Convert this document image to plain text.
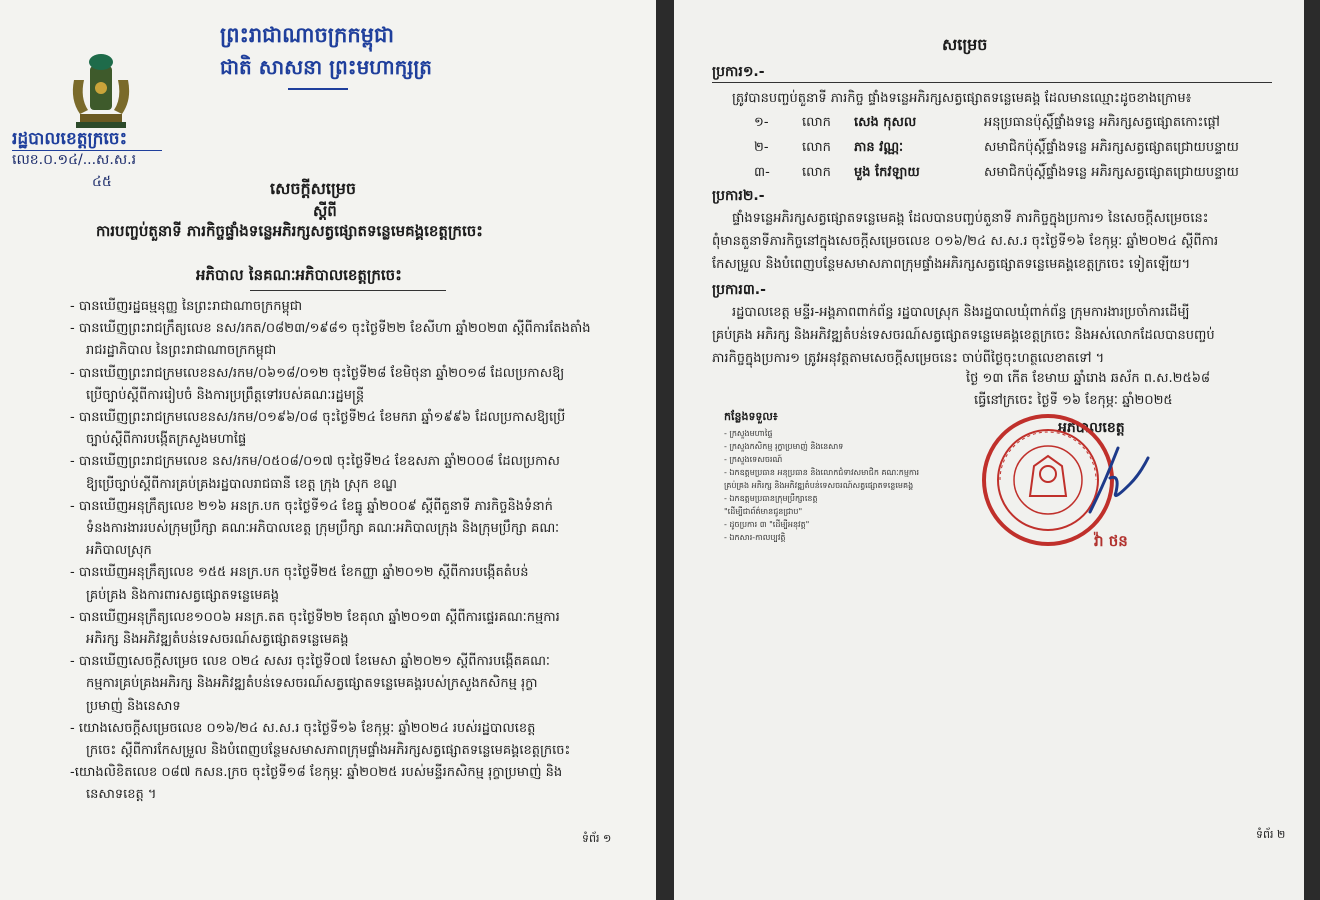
ព្រះរាជាណាចក្រកម្ពុជា
ជាតិ សាសនា ព្រះមហាក្សត្រ
រដ្ឋបាលខេត្តក្រចេះ
លេខ.០.១៤/...ស.ស.រ
៤៥	សេចក្ដីសម្រេច
ស្ដីពី
ការបញ្ចប់តួនាទី ភារកិច្ចផ្ទាំងទន្លេអភិរក្សសត្វផ្សោតទន្លេមេគង្គខេត្តក្រចេះ
អភិបាល នៃគណៈអភិបាលខេត្តក្រចេះ
- បានឃើញរដ្ឋធម្មនុញ្ញ នៃព្រះរាជាណាចក្រកម្ពុជា
- បានឃើញព្រះរាជក្រឹត្យលេខ នស/រកត/០៨២៣/១៩៨១ ចុះថ្ងៃទី២២ ខែសីហា ឆ្នាំ២០២៣ ស្ដីពីការតែងតាំង
រាជរដ្ឋាភិបាល នៃព្រះរាជាណាចក្រកម្ពុជា
- បានឃើញព្រះរាជក្រមលេខនស/រកម/០៦១៨/០១២ ចុះថ្ងៃទី២៨ ខែមិថុនា ឆ្នាំ២០១៨ ដែលប្រកាសឱ្យ
ប្រើច្បាប់ស្ដីពីការរៀបចំ និងការប្រព្រឹត្តទៅរបស់គណៈរដ្ឋមន្ត្រី
- បានឃើញព្រះរាជក្រមលេខនស/រកម/០១៩៦/០៨ ចុះថ្ងៃទី២៤ ខែមករា ឆ្នាំ១៩៩៦ ដែលប្រកាសឱ្យប្រើ
ច្បាប់ស្ដីពីការបង្កើតក្រសួងមហាផ្ទៃ
- បានឃើញព្រះរាជក្រមលេខ នស/រកម/០៥០៨/០១៧ ចុះថ្ងៃទី២៤ ខែឧសភា ឆ្នាំ២០០៨ ដែលប្រកាស
ឱ្យប្រើច្បាប់ស្ដីពីការគ្រប់គ្រងរដ្ឋបាលរាជធានី ខេត្ត ក្រុង ស្រុក ខណ្ឌ
- បានឃើញអនុក្រឹត្យលេខ ២១៦ អនក្រ.បក ចុះថ្ងៃទី១៤ ខែធ្នូ ឆ្នាំ២០០៩ ស្ដីពីតួនាទី ភារកិច្ចនិងទំនាក់
ទំនងការងាររបស់ក្រុមប្រឹក្សា គណៈអភិបាលខេត្ត ក្រុមប្រឹក្សា គណៈអភិបាលក្រុង និងក្រុមប្រឹក្សា គណៈ
អភិបាលស្រុក
- បានឃើញអនុក្រឹត្យលេខ ១៥៥ អនក្រ.បក ចុះថ្ងៃទី២៥ ខែកញ្ញា ឆ្នាំ២០១២ ស្ដីពីការបង្កើតតំបន់
គ្រប់គ្រង និងការពារសត្វផ្សោតទន្លេមេគង្គ
- បានឃើញអនុក្រឹត្យលេខ១០០៦ អនក្រ.តត ចុះថ្ងៃទី២២ ខែតុលា ឆ្នាំ២០១៣ ស្ដីពីការផ្ទេរគណៈកម្មការ
អភិរក្ស និងអភិវឌ្ឍតំបន់ទេសចរណ៍សត្វផ្សោតទន្លេមេគង្គ
- បានឃើញសេចក្ដីសម្រេច លេខ ០២៤ សសរ ចុះថ្ងៃទី០៧ ខែមេសា ឆ្នាំ២០២១ ស្ដីពីការបង្កើតគណៈ
កម្មការគ្រប់គ្រងអភិរក្ស និងអភិវឌ្ឍតំបន់ទេសចរណ៍សត្វផ្សោតទន្លេមេគង្គរបស់ក្រសួងកសិកម្ម រុក្ខា
ប្រមាញ់ និងនេសាទ
- យោងសេចក្ដីសម្រេចលេខ ០១៦/២៤ ស.ស.រ ចុះថ្ងៃទី១៦ ខែកុម្ភៈ ឆ្នាំ២០២៤ របស់រដ្ឋបាលខេត្ត
ក្រចេះ ស្ដីពីការកែសម្រួល និងបំពេញបន្ថែមសមាសភាពក្រុមផ្ទាំងអភិរក្សសត្វផ្សោតទន្លេមេគង្គខេត្តក្រចេះ
-យោងលិខិតលេខ ០៨៧ កសន.ក្រច ចុះថ្ងៃទី១៨ ខែកុម្ភៈ ឆ្នាំ២០២៥ របស់មន្ទីរកសិកម្ម រុក្ខាប្រមាញ់ និង
នេសាទខេត្ត ។
ទំព័រ ១
សម្រេច
ប្រការ១.-
ត្រូវបានបញ្ចប់តួនាទី ភារកិច្ច ផ្ទាំងទន្លេអភិរក្សសត្វផ្សោតទន្លេមេគង្គ ដែលមានឈ្មោះដូចខាងក្រោម៖
១-	លោក សេង កុសល	អនុប្រធានប៉ុស្ដិ៍ផ្ទាំងទន្លេ អភិរក្សសត្វផ្សោតកោះផ្ដៅ
២-	លោក ភាន វណ្ណៈ	សមាជិកប៉ុស្ដិ៍ផ្ទាំងទន្លេ អភិរក្សសត្វផ្សោតជ្រោយបន្ទាយ
៣- លោក មួង កែវឡាយ	សមាជិកប៉ុស្ដិ៍ផ្ទាំងទន្លេ អភិរក្សសត្វផ្សោតជ្រោយបន្ទាយ
ប្រការ២.-
ផ្ទាំងទន្លេអភិរក្សសត្វផ្សោតទន្លេមេគង្គ ដែលបានបញ្ចប់តួនាទី ភារកិច្ចក្នុងប្រការ១ នៃសេចក្ដីសម្រេចនេះ
ពុំមានតួនាទីភារកិច្ចនៅក្នុងសេចក្ដីសម្រេចលេខ ០១៦/២៤ ស.ស.រ ចុះថ្ងៃទី១៦ ខែកុម្ភៈ ឆ្នាំ២០២៤ ស្ដីពីការ
កែសម្រួល និងបំពេញបន្ថែមសមាសភាពក្រុមផ្ទាំងអភិរក្សសត្វផ្សោតទន្លេមេគង្គខេត្តក្រចេះ ទៀតឡើយ។
ប្រការ៣.-
រដ្ឋបាលខេត្ត មន្ទីរ-អង្គភាពពាក់ព័ន្ធ រដ្ឋបាលស្រុក និងរដ្ឋបាលឃុំពាក់ព័ន្ធ ក្រុមការងារប្រចាំការដើម្បី
គ្រប់គ្រង អភិរក្ស និងអភិវឌ្ឍតំបន់ទេសចរណ៍សត្វផ្សោតទន្លេមេគង្គខេត្តក្រចេះ និងអស់លោកដែលបានបញ្ចប់
ភារកិច្ចក្នុងប្រការ១ ត្រូវអនុវត្តតាមសេចក្ដីសម្រេចនេះ ចាប់ពីថ្ងៃចុះហត្ថលេខាតទៅ ។
ថ្ងៃ ១៣ កើត ខែមាឃ ឆ្នាំរោង ឆស័ក ព.ស.២៥៦៨
ធ្វើនៅក្រចេះ ថ្ងៃទី ១៦ ខែកុម្ភៈ ឆ្នាំ២០២៥
អភិបាលខេត្ត
កន្លែងទទួល៖
- ក្រសួងមហាផ្ទៃ
- ក្រសួងកសិកម្ម រុក្ខាប្រមាញ់ និងនេសាទ
- ក្រសួងទេសចរណ៍
- ឯកឧត្តមប្រធាន អនុប្រធាន និងលោកជំទាវសមាជិក គណៈកម្មការ
គ្រប់គ្រង អភិរក្ស និងអភិវឌ្ឍតំបន់ទេសចរណ៍សត្វផ្សោតទន្លេមេគង្គ
- ឯកឧត្តមប្រធានក្រុមប្រឹក្សាខេត្ត
"ដើម្បីជាព័ត៌មានជូនជ្រាប"
- ដូចប្រការ ៣ "ដើម្បីអនុវត្ត"
- ឯកសារ-កាលប្បវត្តិ	វ៉ា ថន
ទំព័រ ២
